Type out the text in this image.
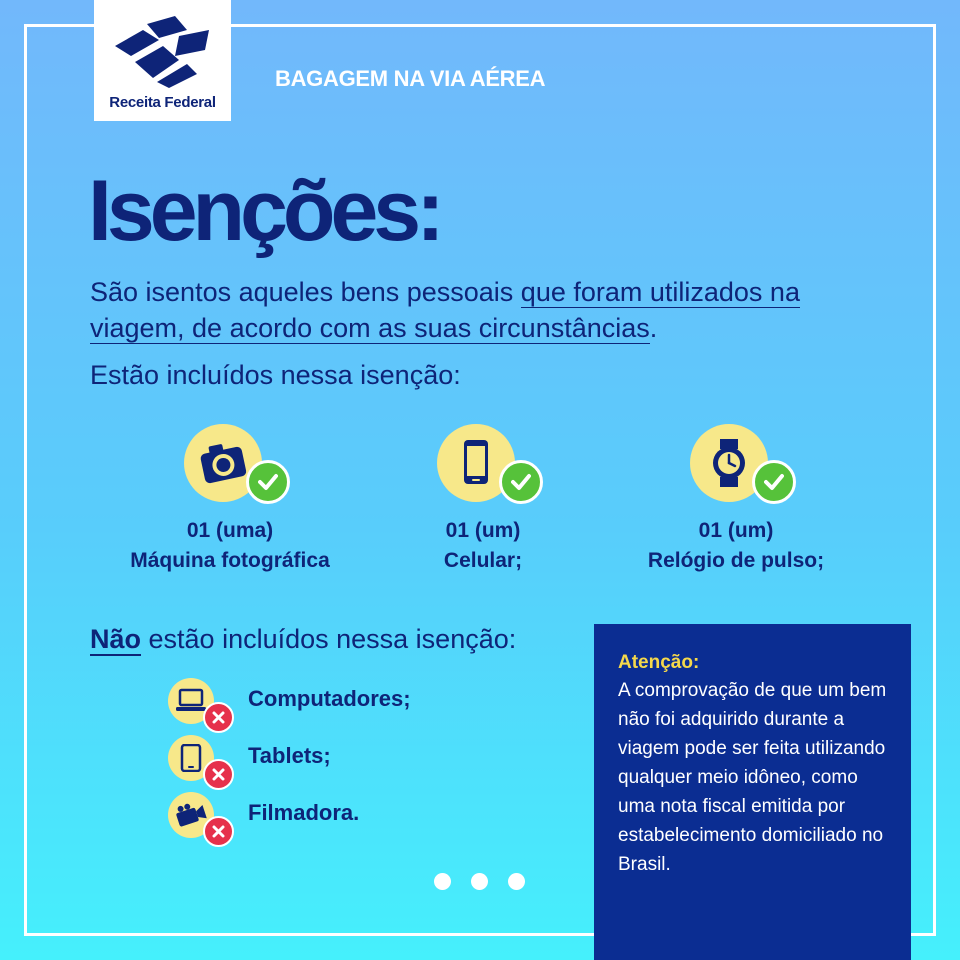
Receita Federal
BAGAGEM NA VIA AÉREA
Isenções:
São isentos aqueles bens pessoais que foram utilizados na viagem, de acordo com as suas circunstâncias.
Estão incluídos nessa isenção:
01 (uma)
Máquina fotográfica
01 (um)
Celular;
01 (um)
Relógio de pulso;
Não estão incluídos nessa isenção:
Computadores;
Tablets;
Filmadora.
Atenção:
A comprovação de que um bem não foi adquirido durante a viagem pode ser feita utilizando qualquer meio idôneo, como uma nota fiscal emitida por estabelecimento domiciliado no Brasil.
